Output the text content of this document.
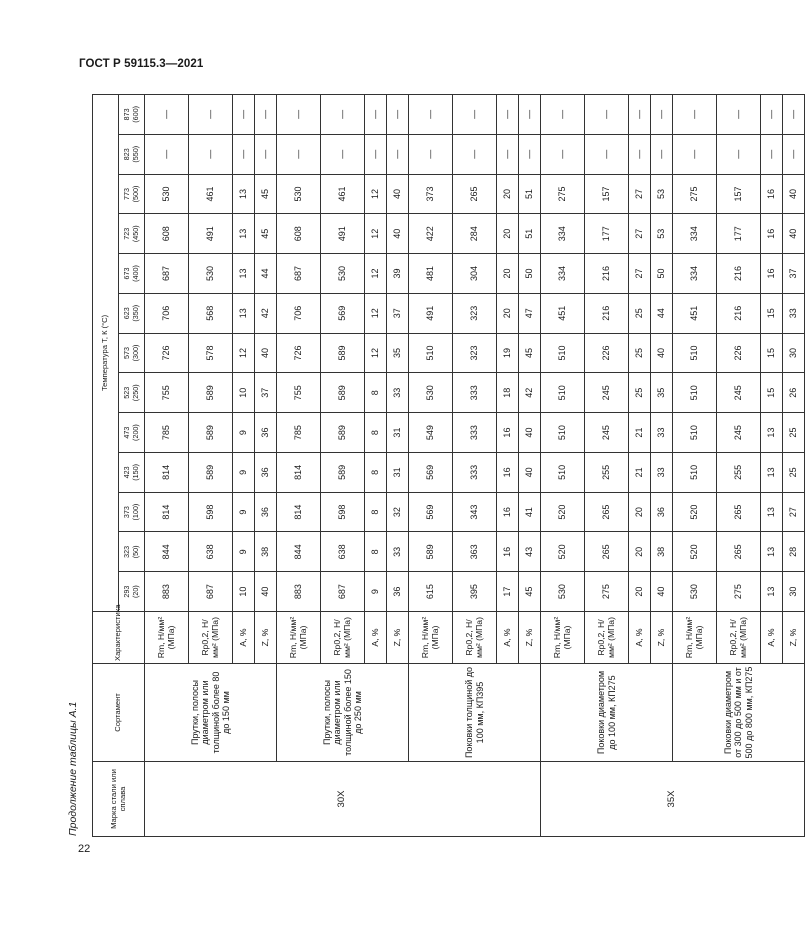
ГОСТ Р 59115.3—2021
22
Продолжение таблицы А.1	Марка стали или сплава	Сортамент	Характеристика	Температура Т, К (°С)												
			293
(20)	323
(50)	373
(100)	423
(150)	473
(200)	523
(250)	573
(300)	623
(350)	673
(400)	723
(450)	773
(500)	823
(550)	873
(600)
30Х	Прутки, полосы диаметром или толщиной более 80 до 150 мм	Rm, Н/мм² (МПа)	883	844	814	814	785	755	726	706	687	608	530	—	—
		Rp0,2, Н/мм² (МПа)	687	638	598	589	589	589	578	568	530	491	461	—	—
		A, %	10	9	9	9	9	10	12	13	13	13	13	—	—
		Z, %	40	38	36	36	36	37	40	42	44	45	45	—	—
	Прутки, полосы диаметром или толщиной более 150 до 250 мм	Rm, Н/мм² (МПа)	883	844	814	814	785	755	726	706	687	608	530	—	—
		Rp0,2, Н/мм² (МПа)	687	638	598	589	589	589	589	569	530	491	461	—	—
		A, %	9	8	8	8	8	8	12	12	12	12	12	—	—
		Z, %	36	33	32	31	31	33	35	37	39	40	40	—	—
	Поковки толщиной до 100 мм, КП395	Rm, Н/мм² (МПа)	615	589	569	569	549	530	510	491	481	422	373	—	—
		Rp0,2, Н/мм² (МПа)	395	363	343	333	333	333	323	323	304	284	265	—	—
		A, %	17	16	16	16	16	18	19	20	20	20	20	—	—
		Z, %	45	43	41	40	40	42	45	47	50	51	51	—	—
35Х	Поковки диаметром до 100 мм, КП275	Rm, Н/мм² (МПа)	530	520	520	510	510	510	510	451	334	334	275	—	—
		Rp0,2, Н/мм² (МПа)	275	265	265	255	245	245	226	216	216	177	157	—	—
		A, %	20	20	20	21	21	25	25	25	27	27	27	—	—
		Z, %	40	38	36	33	33	35	40	44	50	53	53	—	—
	Поковки диаметром от 300 до 500 мм и от 500 до 800 мм, КП275	Rm, Н/мм² (МПа)	530	520	520	510	510	510	510	451	334	334	275	—	—
		Rp0,2, Н/мм² (МПа)	275	265	265	255	245	245	226	216	216	177	157	—	—
		A, %	13	13	13	13	13	15	15	15	16	16	16	—	—
		Z, %	30	28	27	25	25	26	30	33	37	40	40	—	—
